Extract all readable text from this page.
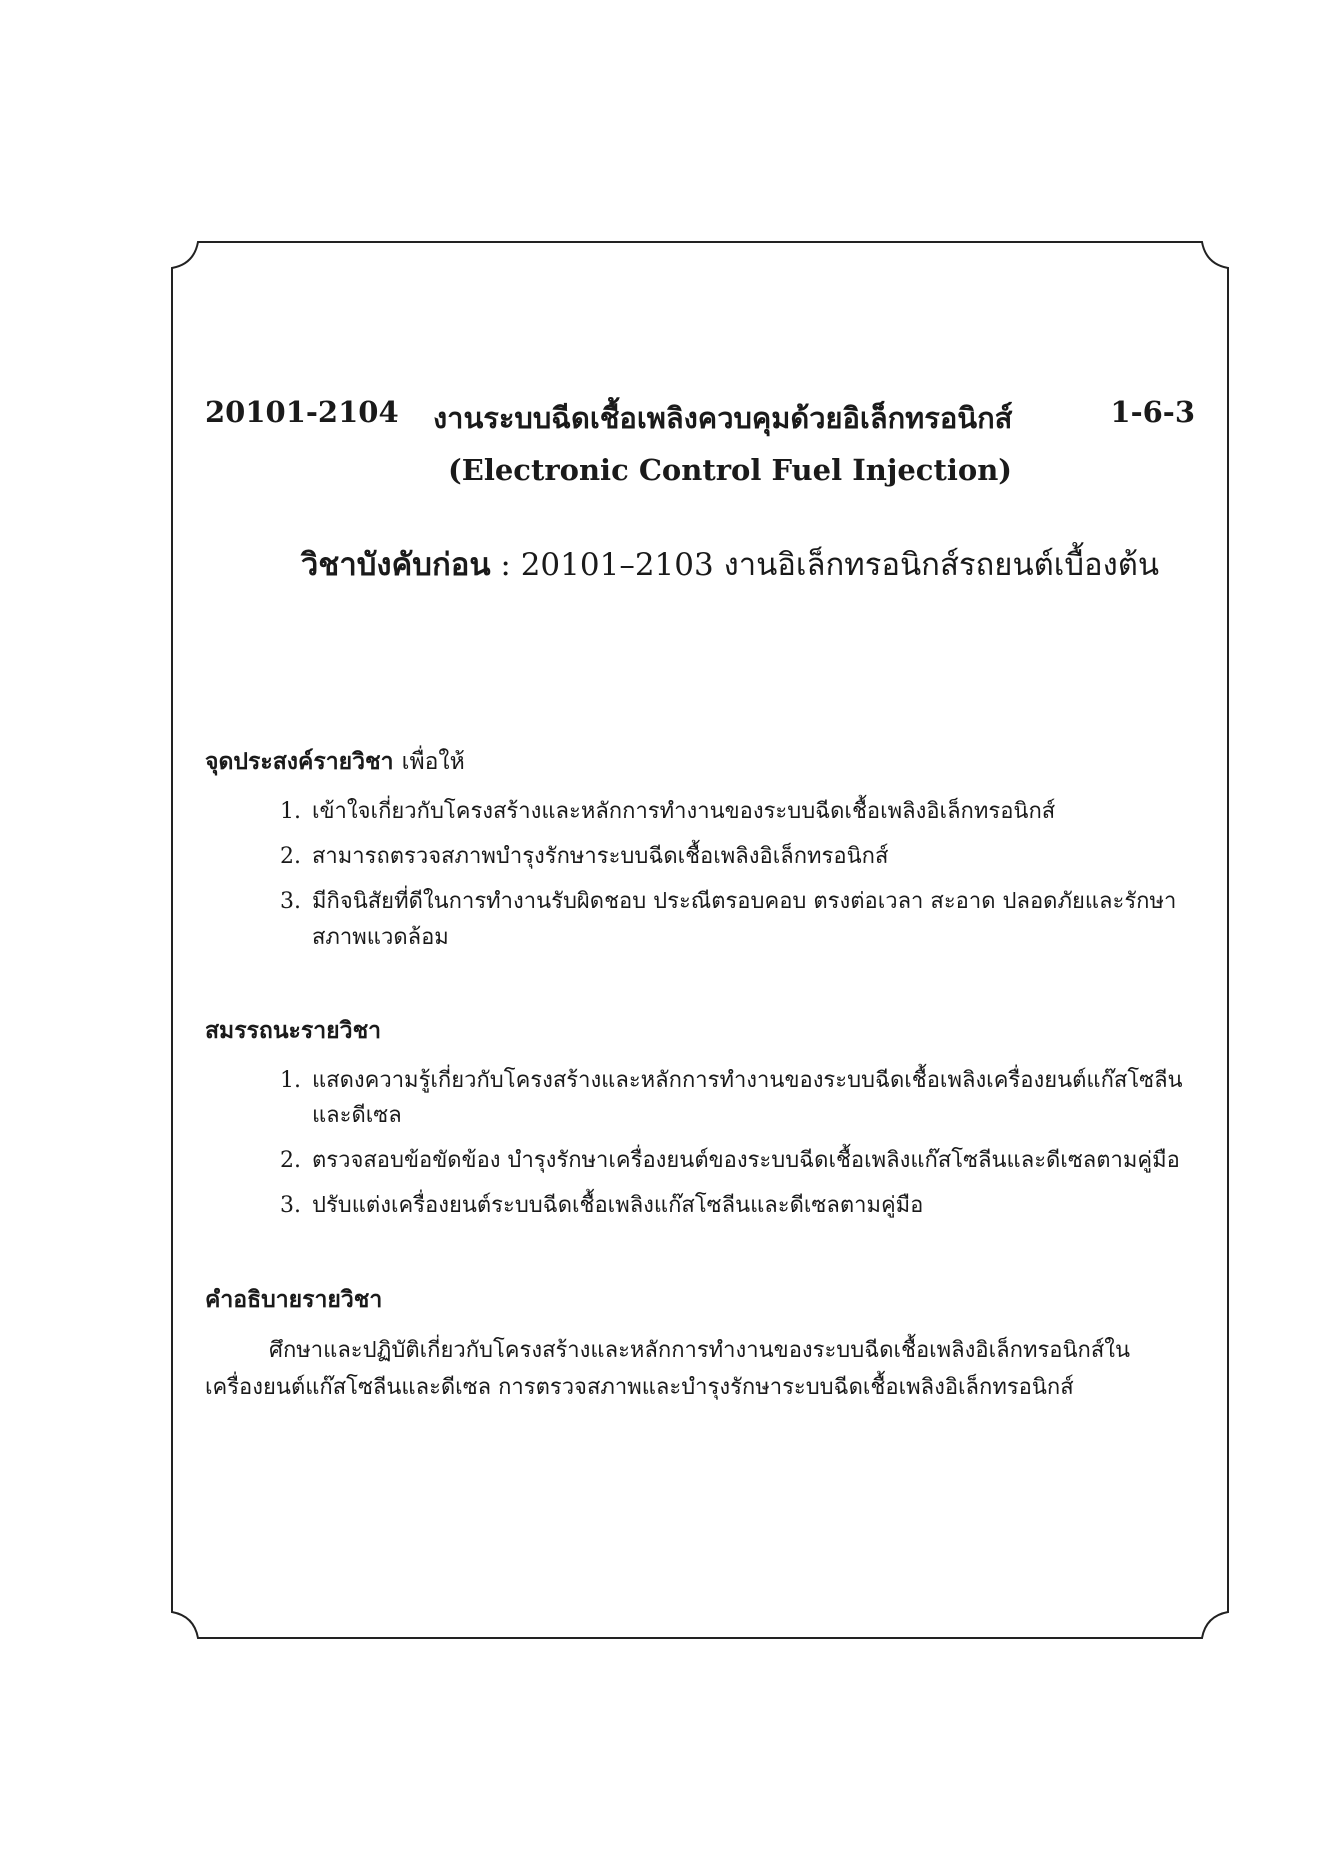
20101-2104 งานระบบฉีดเชื้อเพลิงควบคุมด้วยอิเล็กทรอนิกส์	1-6-3
(Electronic Control Fuel Injection)
วิชาบังคับก่อน : 20101–2103 งานอิเล็กทรอนิกส์รถยนต์เบื้องต้น
จุดประสงค์รายวิชา เพื่อให้
1. เข้าใจเกี่ยวกับโครงสร้างและหลักการทำงานของระบบฉีดเชื้อเพลิงอิเล็กทรอนิกส์
2. สามารถตรวจสภาพบำรุงรักษาระบบฉีดเชื้อเพลิงอิเล็กทรอนิกส์
3. มีกิจนิสัยที่ดีในการทำงานรับผิดชอบ ประณีตรอบคอบ ตรงต่อเวลา สะอาด ปลอดภัยและรักษาสภาพแวดล้อม
สมรรถนะรายวิชา
1. แสดงความรู้เกี่ยวกับโครงสร้างและหลักการทำงานของระบบฉีดเชื้อเพลิงเครื่องยนต์แก๊สโซลีนและดีเซล
2. ตรวจสอบข้อขัดข้อง บำรุงรักษาเครื่องยนต์ของระบบฉีดเชื้อเพลิงแก๊สโซลีนและดีเซลตามคู่มือ
3. ปรับแต่งเครื่องยนต์ระบบฉีดเชื้อเพลิงแก๊สโซลีนและดีเซลตามคู่มือ
คำอธิบายรายวิชา
ศึกษาและปฏิบัติเกี่ยวกับโครงสร้างและหลักการทำงานของระบบฉีดเชื้อเพลิงอิเล็กทรอนิกส์ในเครื่องยนต์แก๊สโซลีนและดีเซล การตรวจสภาพและบำรุงรักษาระบบฉีดเชื้อเพลิงอิเล็กทรอนิกส์
